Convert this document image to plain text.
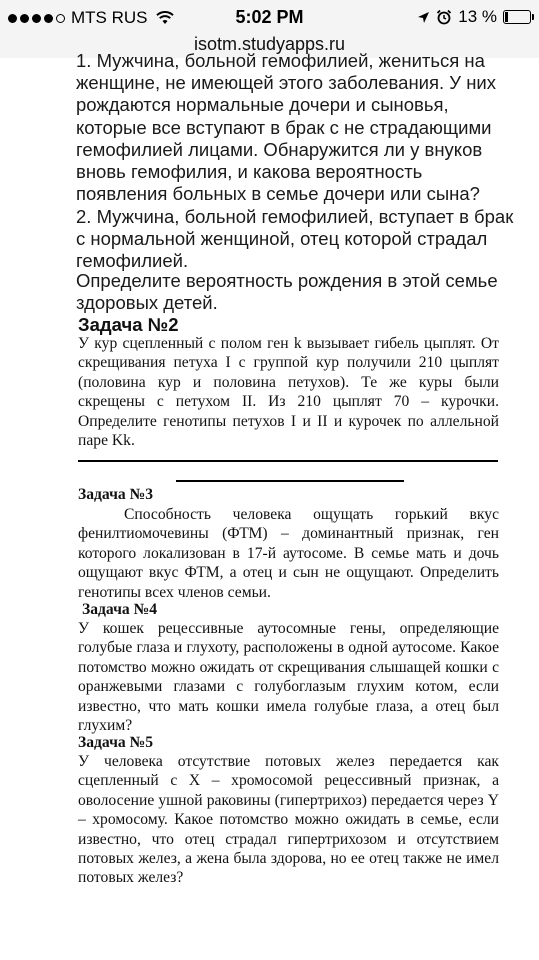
MTS RUS	5:02 PM	13 %
isotm.studyapps.ru
1. Мужчина, больной гемофилией, жениться на женщине, не имеющей этого заболевания. У них рождаются нормальные дочери и сыновья, которые все вступают в брак с не страдающими гемофилией лицами. Обнаружится ли у внуков вновь гемофилия, и какова вероятность появления больных в семье дочери или сына?
2. Мужчина, больной гемофилией, вступает в брак с нормальной женщиной, отец которой страдал гемофилией.
Определите вероятность рождения в этой семье здоровых детей.
Задача №2
У кур сцепленный с полом ген k вызывает гибель цыплят. От скрещивания петуха I с группой кур получили 210 цыплят (половина кур и половина петухов). Те же куры были скрещены с петухом II. Из 210 цыплят 70 – курочки. Определите генотипы петухов I и II и курочек по аллельной паре Kk.
Задача №3
Способность человека ощущать горький вкус фенилтиомочевины (ФТМ) – доминантный признак, ген которого локализован в 17-й аутосоме. В семье мать и дочь ощущают вкус ФТМ, а отец и сын не ощущают. Определить генотипы всех членов семьи.
Задача №4
У кошек рецессивные аутосомные гены, определяющие голубые глаза и глухоту, расположены в одной аутосоме. Какое потомство можно ожидать от скрещивания слышащей кошки с оранжевыми глазами с голубоглазым глухим котом, если известно, что мать кошки имела голубые глаза, а отец был глухим?
Задача №5
У человека отсутствие потовых желез передается как сцепленный с Х – хромосомой рецессивный признак, а оволосение ушной раковины (гипертрихоз) передается через Y – хромосому. Какое потомство можно ожидать в семье, если известно, что отец страдал гипертрихозом и отсутствием потовых желез, а жена была здорова, но ее отец также не имел потовых желез?
